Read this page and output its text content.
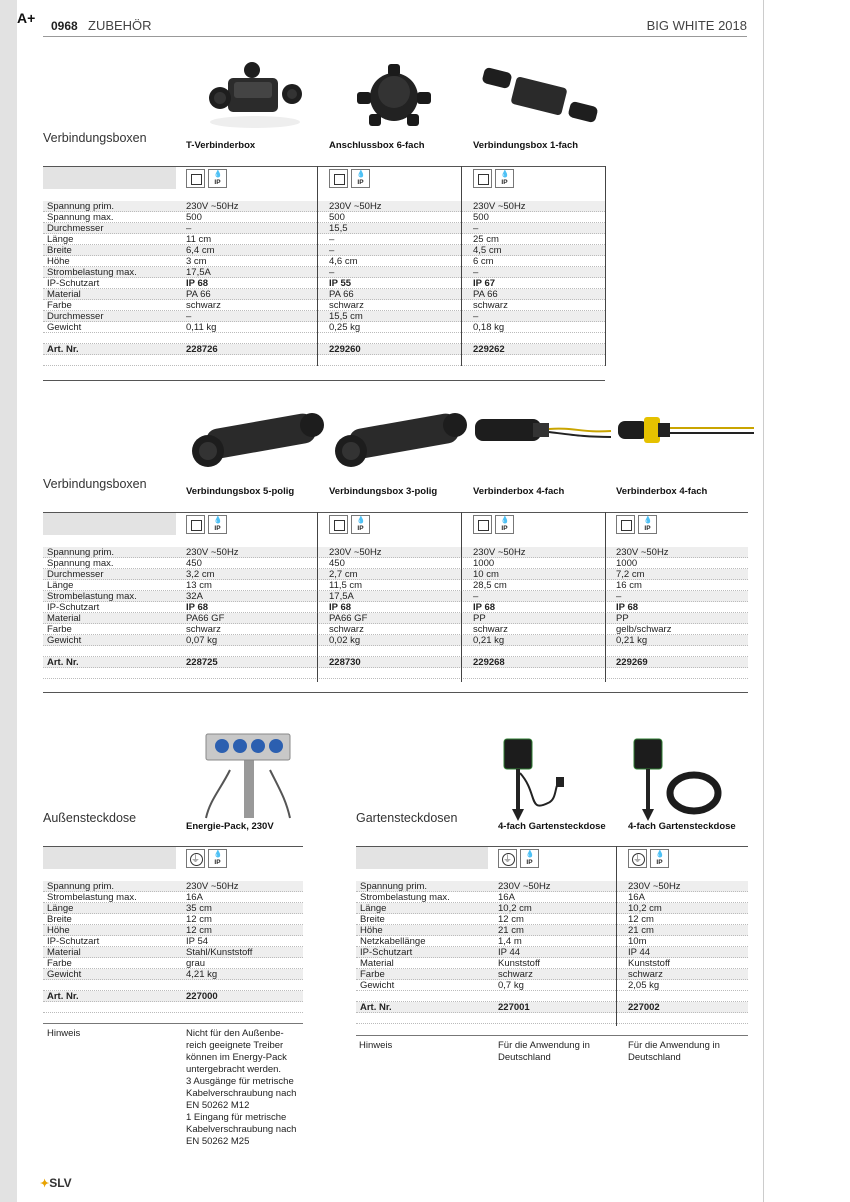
A+ 0968 ZUBEHÖR	BIG WHITE 2018
✦SLV
Verbindungsboxen
T-Verbinderbox	Anschlussbox 6-fach	Verbindungsbox 1-fach
💧
IP
💧
IP
💧
IP
Spannung prim.	230V ~50Hz	230V ~50Hz	230V ~50Hz
Spannung max.	500	500	500
Durchmesser	–	15,5	–
Länge	11 cm	–	25 cm
Breite	6,4 cm	–	4,5 cm
Höhe	3 cm	4,6 cm	6 cm
Strombelastung max.	17,5A	–	–
IP-Schutzart	IP 68	IP 55	IP 67
Material	PA 66	PA 66	PA 66
Farbe	schwarz	schwarz	schwarz
Durchmesser	–	15,5 cm	–
Gewicht	0,11 kg	0,25 kg	0,18 kg
Art. Nr.	228726	229260	229262
Verbindungsboxen
Verbindungsbox 5-polig	Verbindungsbox 3-polig	Verbinderbox 4-fach	Verbinderbox 4-fach
💧
IP
💧
IP
💧
IP
💧
IP
Spannung prim.	230V ~50Hz	230V ~50Hz	230V ~50Hz	230V ~50Hz
Spannung max.	450	450	1000	1000
Durchmesser	3,2 cm	2,7 cm	10 cm	7,2 cm
Länge	13 cm	11,5 cm	28,5 cm	16 cm
Strombelastung max.	32A	17,5A	–	–
IP-Schutzart	IP 68	IP 68	IP 68	IP 68
Material	PA66 GF	PA66 GF	PP	PP
Farbe	schwarz	schwarz	schwarz	gelb/schwarz
Gewicht	0,07 kg	0,02 kg	0,21 kg	0,21 kg
Art. Nr.	228725	228730	229268	229269
Außensteckdose
Energie-Pack, 230V
⏚
💧
IP
Spannung prim.	230V ~50Hz
Strombelastung max.	16A
Länge	35 cm
Breite	12 cm
Höhe	12 cm
IP-Schutzart	IP 54
Material	Stahl/Kunststoff
Farbe	grau
Gewicht	4,21 kg
Art. Nr.	227000
Hinweis	Nicht für den Außenbe-
reich geeignete Treiber
können im Energy-Pack
untergebracht werden.
3 Ausgänge für metrische
Kabelverschraubung nach
EN 50262 M12
1 Eingang für metrische
Kabelverschraubung nach
EN 50262 M25
Gartensteckdosen
4-fach Gartensteckdose 4-fach Gartensteckdose
⏚
💧
IP
⏚
💧
IP
Spannung prim.	230V ~50Hz	230V ~50Hz
Strombelastung max.	16A	16A
Länge	10,2 cm	10,2 cm
Breite	12 cm	12 cm
Höhe	21 cm	21 cm
Netzkabellänge	1,4 m	10m
IP-Schutzart	IP 44	IP 44
Material	Kunststoff	Kunststoff
Farbe	schwarz	schwarz
Gewicht	0,7 kg	2,05 kg
Art. Nr.	227001	227002
Hinweis	Für die Anwendung in
Deutschland
Für die Anwendung in
Deutschland
